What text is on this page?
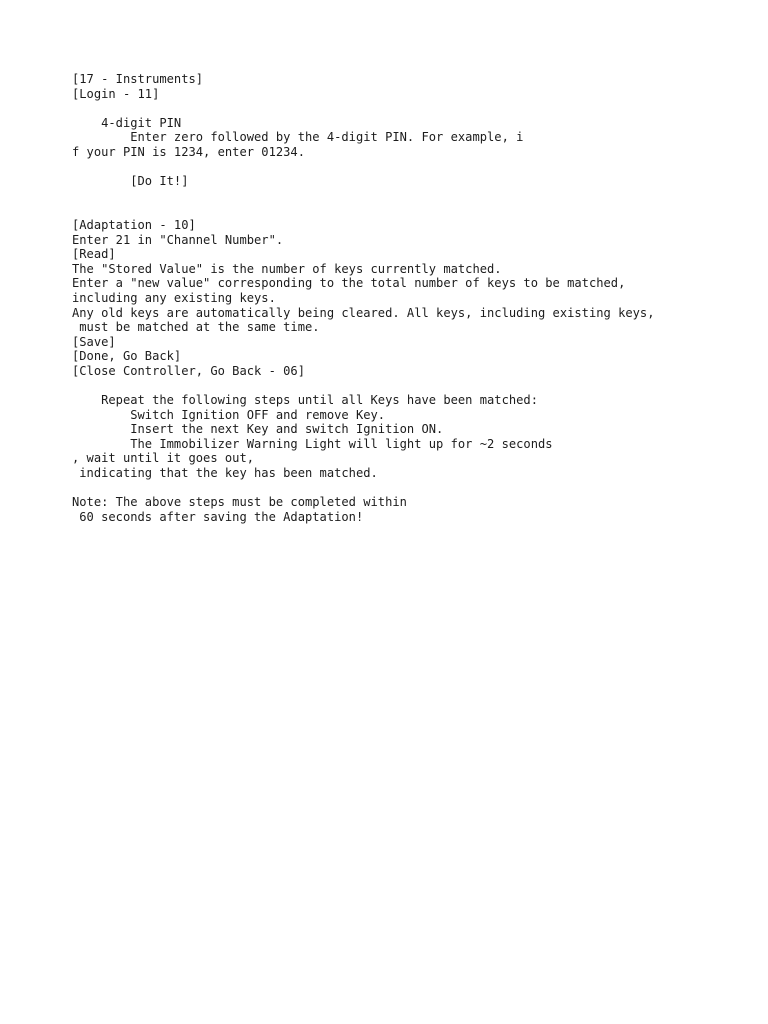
[17 - Instruments]
[Login - 11]
4-digit PIN
Enter zero followed by the 4-digit PIN. For example, i
f your PIN is 1234, enter 01234.
[Do It!]
[Adaptation - 10]
Enter 21 in "Channel Number".
[Read]
The "Stored Value" is the number of keys currently matched.
Enter a "new value" corresponding to the total number of keys to be matched,
including any existing keys.
Any old keys are automatically being cleared. All keys, including existing keys,
must be matched at the same time.
[Save]
[Done, Go Back]
[Close Controller, Go Back - 06]
Repeat the following steps until all Keys have been matched:
Switch Ignition OFF and remove Key.
Insert the next Key and switch Ignition ON.
The Immobilizer Warning Light will light up for ~2 seconds
, wait until it goes out,
indicating that the key has been matched.
Note: The above steps must be completed within
60 seconds after saving the Adaptation!
